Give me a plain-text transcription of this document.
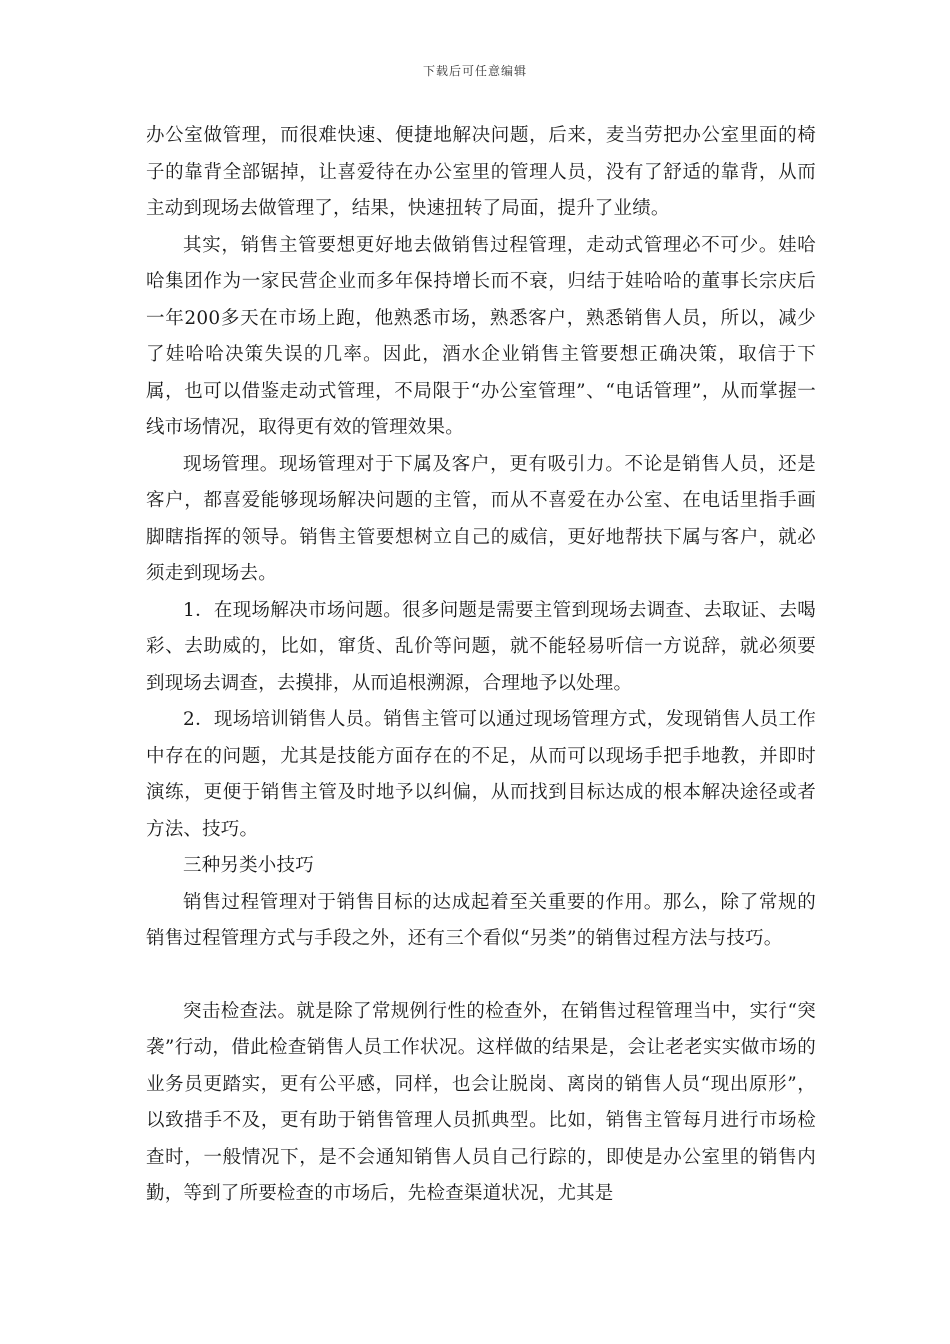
下载后可任意编辑

办公室做管理，而很难快速、便捷地解决问题，后来，麦当劳把办公室里面的椅子的靠背全部锯掉，让喜爱待在办公室里的管理人员，没有了舒适的靠背，从而主动到现场去做管理了，结果，快速扭转了局面，提升了业绩。

其实，销售主管要想更好地去做销售过程管理，走动式管理必不可少。娃哈哈集团作为一家民营企业而多年保持增长而不衰，归结于娃哈哈的董事长宗庆后一年200多天在市场上跑，他熟悉市场，熟悉客户，熟悉销售人员，所以，减少了娃哈哈决策失误的几率。因此，酒水企业销售主管要想正确决策，取信于下属，也可以借鉴走动式管理，不局限于“办公室管理”、“电话管理”，从而掌握一线市场情况，取得更有效的管理效果。

现场管理。现场管理对于下属及客户，更有吸引力。不论是销售人员，还是客户，都喜爱能够现场解决问题的主管，而从不喜爱在办公室、在电话里指手画脚瞎指挥的领导。销售主管要想树立自己的威信，更好地帮扶下属与客户，就必须走到现场去。

1．在现场解决市场问题。很多问题是需要主管到现场去调查、去取证、去喝彩、去助威的，比如，窜货、乱价等问题，就不能轻易听信一方说辞，就必须要到现场去调查，去摸排，从而追根溯源，合理地予以处理。

2．现场培训销售人员。销售主管可以通过现场管理方式，发现销售人员工作中存在的问题，尤其是技能方面存在的不足，从而可以现场手把手地教，并即时演练，更便于销售主管及时地予以纠偏，从而找到目标达成的根本解决途径或者方法、技巧。

三种另类小技巧

销售过程管理对于销售目标的达成起着至关重要的作用。那么，除了常规的销售过程管理方式与手段之外，还有三个看似“另类”的销售过程方法与技巧。

突击检查法。就是除了常规例行性的检查外，在销售过程管理当中，实行“突袭”行动，借此检查销售人员工作状况。这样做的结果是，会让老老实实做市场的业务员更踏实，更有公平感，同样，也会让脱岗、离岗的销售人员“现出原形”，以致措手不及，更有助于销售管理人员抓典型。比如，销售主管每月进行市场检查时，一般情况下，是不会通知销售人员自己行踪的，即使是办公室里的销售内勤，等到了所要检查的市场后，先检查渠道状况，尤其是
